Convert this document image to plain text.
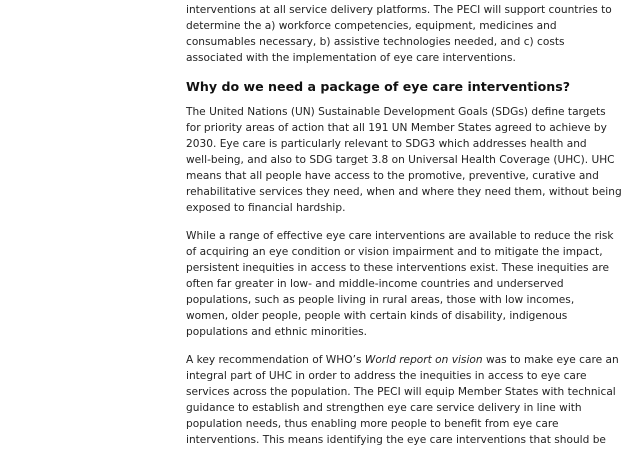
interventions at all service delivery platforms. The PECI will support countries to
determine the a) workforce competencies, equipment, medicines and
consumables necessary, b) assistive technologies needed, and c) costs
associated with the implementation of eye care interventions.

Why do we need a package of eye care interventions?

The United Nations (UN) Sustainable Development Goals (SDGs) define targets
for priority areas of action that all 191 UN Member States agreed to achieve by
2030. Eye care is particularly relevant to SDG3 which addresses health and
well-being, and also to SDG target 3.8 on Universal Health Coverage (UHC). UHC
means that all people have access to the promotive, preventive, curative and
rehabilitative services they need, when and where they need them, without being
exposed to financial hardship.

While a range of effective eye care interventions are available to reduce the risk
of acquiring an eye condition or vision impairment and to mitigate the impact,
persistent inequities in access to these interventions exist. These inequities are
often far greater in low- and middle-income countries and underserved
populations, such as people living in rural areas, those with low incomes,
women, older people, people with certain kinds of disability, indigenous
populations and ethnic minorities.

A key recommendation of WHO’s World report on vision was to make eye care an
integral part of UHC in order to address the inequities in access to eye care
services across the population. The PECI will equip Member States with technical
guidance to establish and strengthen eye care service delivery in line with
population needs, thus enabling more people to benefit from eye care
interventions. This means identifying the eye care interventions that should be
